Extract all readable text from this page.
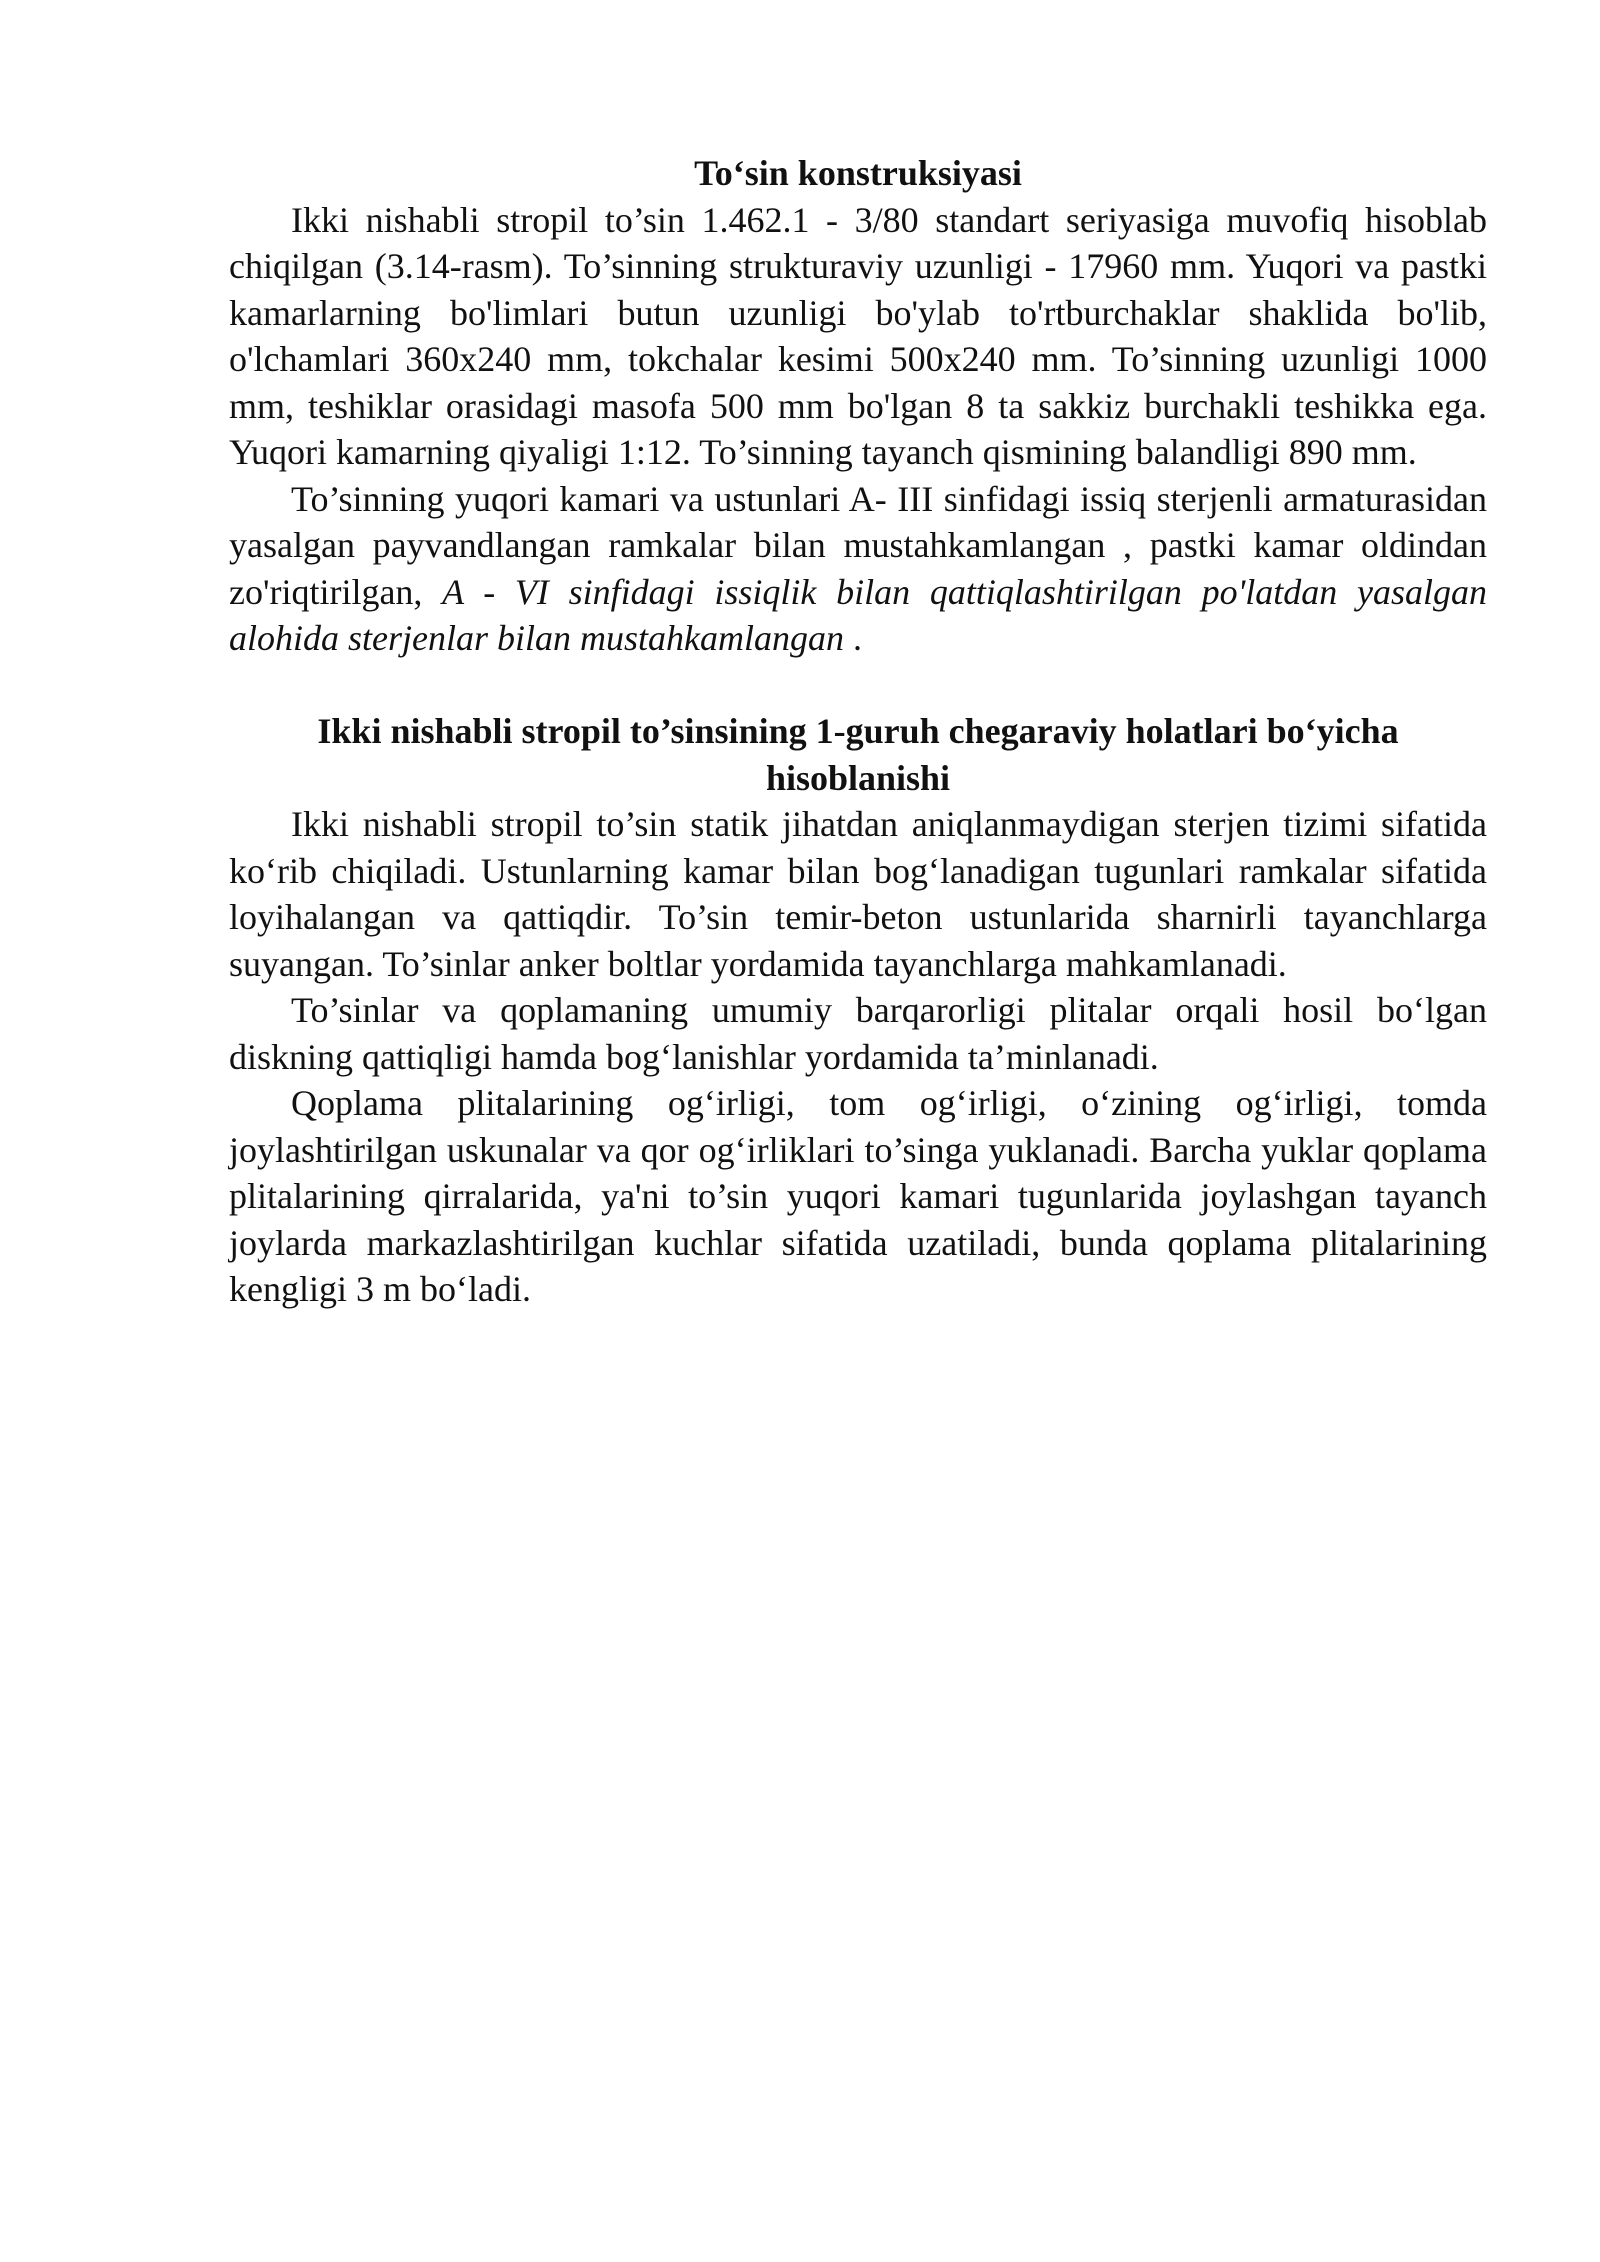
To‘sin konstruksiyasi

Ikki nishabli stropil to’sin 1.462.1 - 3/80 standart seriyasiga muvofiq hisoblab chiqilgan (3.14-rasm). To’sinning strukturaviy uzunligi - 17960 mm. Yuqori va pastki kamarlarning bo'limlari butun uzunligi bo'ylab to'rtburchaklar shaklida bo'lib, o'lchamlari 360x240 mm, tokchalar kesimi 500x240 mm. To’sinning uzunligi 1000 mm, teshiklar orasidagi masofa 500 mm bo'lgan 8 ta sakkiz burchakli teshikka ega. Yuqori kamarning qiyaligi 1:12. To’sinning tayanch qismining balandligi 890 mm.

To’sinning yuqori kamari va ustunlari A- III sinfidagi issiq sterjenli armaturasidan yasalgan payvandlangan ramkalar bilan mustahkamlangan , pastki kamar oldindan zo'riqtirilgan, A - VI sinfidagi issiqlik bilan qattiqlashtirilgan po'latdan yasalgan alohida sterjenlar bilan mustahkamlangan .

Ikki nishabli stropil to’sinsining 1-guruh chegaraviy holatlari bo‘yicha hisoblanishi

Ikki nishabli stropil to’sin statik jihatdan aniqlanmaydigan sterjen tizimi sifatida ko‘rib chiqiladi. Ustunlarning kamar bilan bog‘lanadigan tugunlari ramkalar sifatida loyihalangan va qattiqdir. To’sin temir-beton ustunlarida sharnirli tayanchlarga suyangan. To’sinlar anker boltlar yordamida tayanchlarga mahkamlanadi.

To’sinlar va qoplamaning umumiy barqarorligi plitalar orqali hosil bo‘lgan diskning qattiqligi hamda bog‘lanishlar yordamida ta’minlanadi.

Qoplama plitalarining og‘irligi, tom og‘irligi, o‘zining og‘irligi, tomda joylashtirilgan uskunalar va qor og‘irliklari to’singa yuklanadi. Barcha yuklar qoplama plitalarining qirralarida, ya'ni to’sin yuqori kamari tugunlarida joylashgan tayanch joylarda markazlashtirilgan kuchlar sifatida uzatiladi, bunda qoplama plitalarining kengligi 3 m bo‘ladi.
